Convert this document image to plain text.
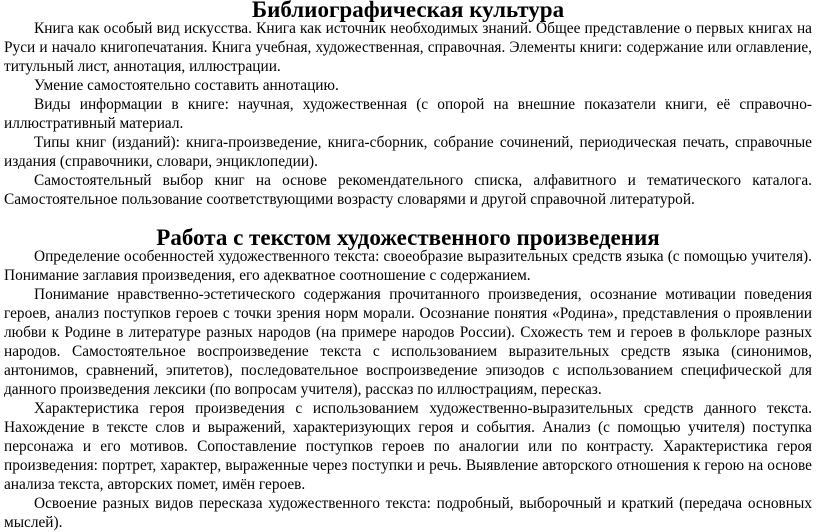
Библиографическая культура

Книга как особый вид искусства. Книга как источник необходимых знаний. Общее представление о первых книгах на Руси и начало книгопечатания. Книга учебная, художественная, справочная. Элементы книги: содержание или оглавление, титульный лист, аннотация, иллюстрации.

Умение самостоятельно составить аннотацию.

Виды информации в книге: научная, художественная (с опорой на внешние показатели книги, её справочно-иллюстративный материал.

Типы книг (изданий): книга-произведение, книга-сборник, собрание сочинений, периодическая печать, справочные издания (справочники, словари, энциклопедии).

Самостоятельный выбор книг на основе рекомендательного списка, алфавитного и тематического каталога. Самостоятельное пользование соответствующими возрасту словарями и другой справочной литературой.

Работа с текстом художественного произведения

Определение особенностей художественного текста: своеобразие выразительных средств языка (с помощью учителя). Понимание заглавия произведения, его адекватное соотношение с содержанием.

Понимание нравственно-эстетического содержания прочитанного произведения, осознание мотивации поведения героев, анализ поступков героев с точки зрения норм морали. Осознание понятия «Родина», представления о проявлении любви к Родине в литературе разных народов (на примере народов России). Схожесть тем и героев в фольклоре разных народов. Самостоятельное воспроизведение текста с использованием выразительных средств языка (синонимов, антонимов, сравнений, эпитетов), последовательное воспроизведение эпизодов с использованием специфической для данного произведения лексики (по вопросам учителя), рассказ по иллюстрациям, пересказ.

Характеристика героя произведения с использованием художественно-выразительных средств данного текста. Нахождение в тексте слов и выражений, характеризующих героя и события. Анализ (с помощью учителя) поступка персонажа и его мотивов. Сопоставление поступков героев по аналогии или по контрасту. Характеристика героя произведения: портрет, характер, выраженные через поступки и речь. Выявление авторского отношения к герою на основе анализа текста, авторских помет, имён героев.

Освоение разных видов пересказа художественного текста: подробный, выборочный и краткий (передача основных мыслей).
